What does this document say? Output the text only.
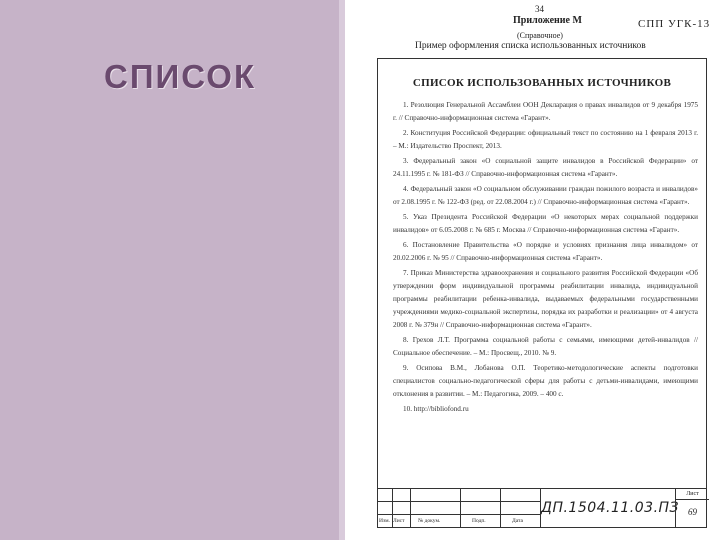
СПИСОК
34
Приложение М
(Справочное)
СПП УГК-13
Пример оформления списка использованных источников
СПИСОК ИСПОЛЬЗОВАННЫХ ИСТОЧНИКОВ

1. Резолюция Генеральной Ассамблеи ООН Декларация о правах инвалидов от 9 декабря 1975 г. // Справочно-информационная система «Гарант».

2. Конституция Российской Федерации: официальный текст по состоянию на 1 февраля 2013 г. – М.: Издательство Проспект, 2013.

3. Федеральный закон «О социальной защите инвалидов в Российской Федерации» от 24.11.1995 г. № 181-ФЗ // Справочно-информационная система «Гарант».

4. Федеральный закон «О социальном обслуживании граждан пожилого возраста и инвалидов» от 2.08.1995 г. № 122-ФЗ (ред. от 22.08.2004 г.) // Справочно-информационная система «Гарант».

5. Указ Президента Российской Федерации «О некоторых мерах социальной поддержки инвалидов» от 6.05.2008 г. № 685 г. Москва // Справочно-информационная система «Гарант».

6. Постановление Правительства «О порядке и условиях признания лица инвалидом» от 20.02.2006 г. № 95 // Справочно-информационная система «Гарант».

7. Приказ Министерства здравоохранения и социального развития Российской Федерации «Об утверждении форм индивидуальной программы реабилитации инвалида, индивидуальной программы реабилитации ребенка-инвалида, выдаваемых федеральными государственными учреждениями медико-социальной экспертизы, порядка их разработки и реализации» от 4 августа 2008 г. № 379н // Справочно-информационная система «Гарант».

8. Грехов Л.Т. Программа социальной работы с семьями, имеющими детей-инвалидов // Социальное обеспечение. – М.: Просвещ., 2010. № 9.

9. Осипова В.М., Лобанова О.П. Теоретико-методологические аспекты подготовки специалистов социально-педагогической сферы для работы с детьми-инвалидами, имеющими отклонения в развитии. – М.: Педагогика, 2009. – 400 с.

10. http://bibliofond.ru

Изм. Лист № докум.	Подп.	Дата
ДП.1504.11.03.ПЗ
Лист
69
